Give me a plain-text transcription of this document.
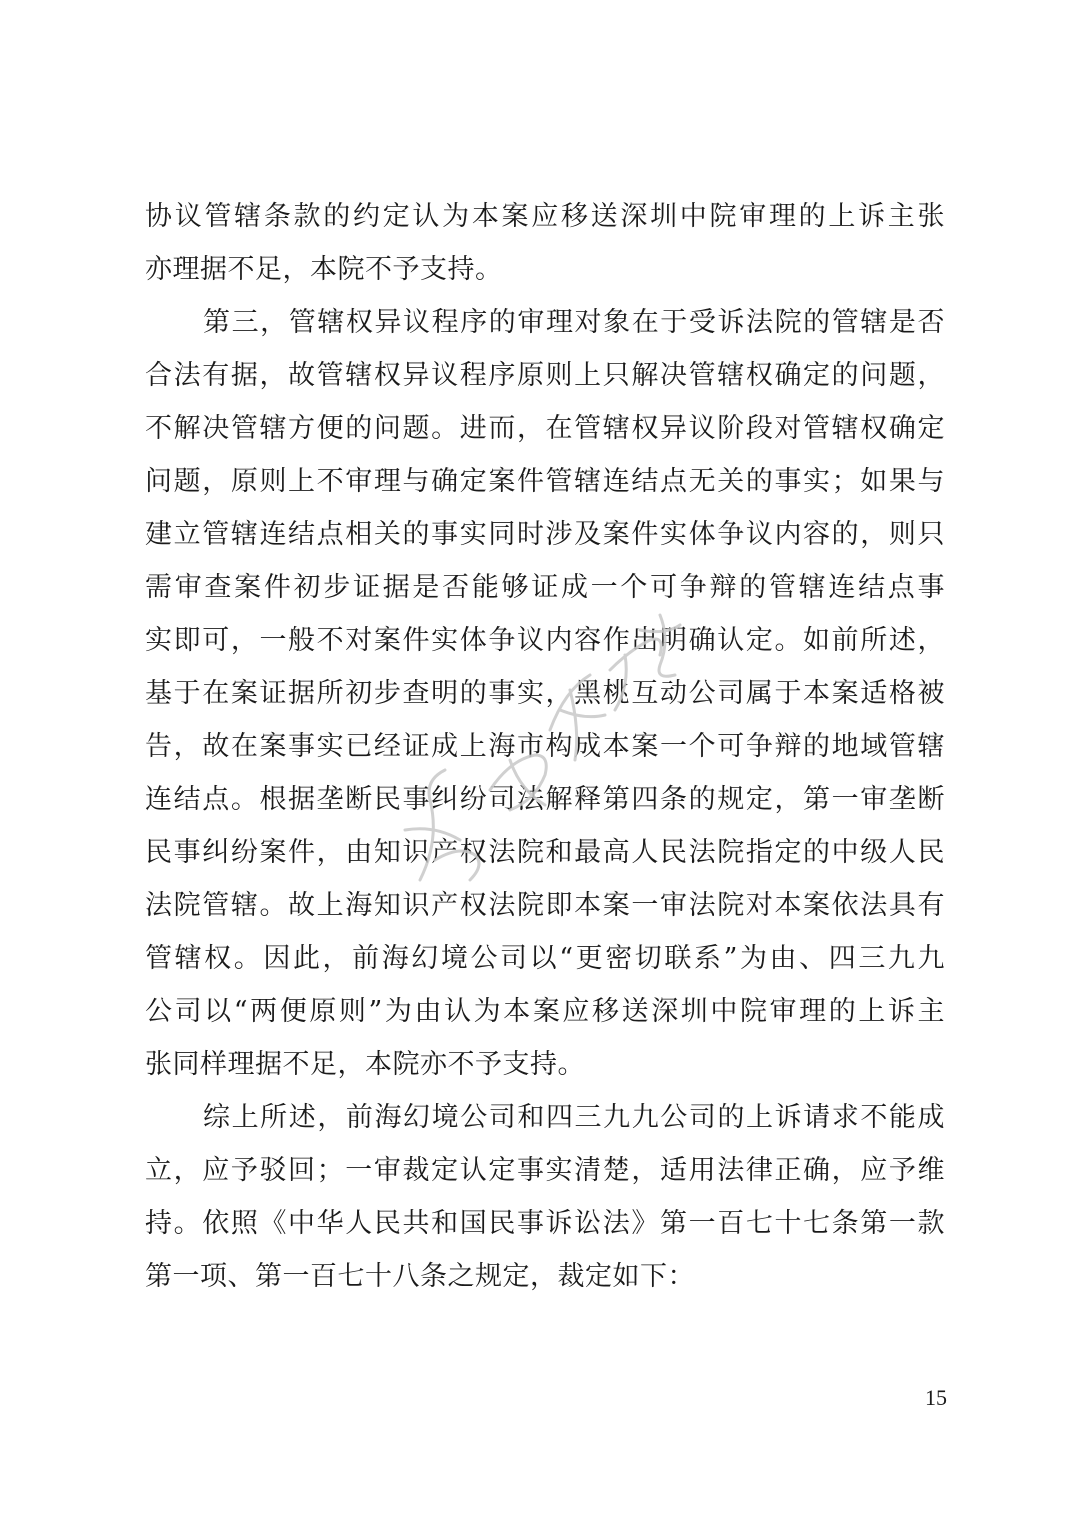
协议管辖条款的约定认为本案应移送深圳中院审理的上诉主张
亦理据不足，本院不予支持。
第三，管辖权异议程序的审理对象在于受诉法院的管辖是否
合法有据，故管辖权异议程序原则上只解决管辖权确定的问题，
不解决管辖方便的问题。进而，在管辖权异议阶段对管辖权确定
问题，原则上不审理与确定案件管辖连结点无关的事实；如果与
建立管辖连结点相关的事实同时涉及案件实体争议内容的，则只
需审查案件初步证据是否能够证成一个可争辩的管辖连结点事
实即可，一般不对案件实体争议内容作出明确认定。如前所述，
基于在案证据所初步查明的事实，黑桃互动公司属于本案适格被
告，故在案事实已经证成上海市构成本案一个可争辩的地域管辖
连结点。根据垄断民事纠纷司法解释第四条的规定，第一审垄断
民事纠纷案件，由知识产权法院和最高人民法院指定的中级人民
法院管辖。故上海知识产权法院即本案一审法院对本案依法具有
管辖权。因此，前海幻境公司以“更密切联系”为由、四三九九
公司以“两便原则”为由认为本案应移送深圳中院审理的上诉主
张同样理据不足，本院亦不予支持。
综上所述，前海幻境公司和四三九九公司的上诉请求不能成
立，应予驳回；一审裁定认定事实清楚，适用法律正确，应予维
持。依照《中华人民共和国民事诉讼法》第一百七十七条第一款
第一项、第一百七十八条之规定，裁定如下：
15
